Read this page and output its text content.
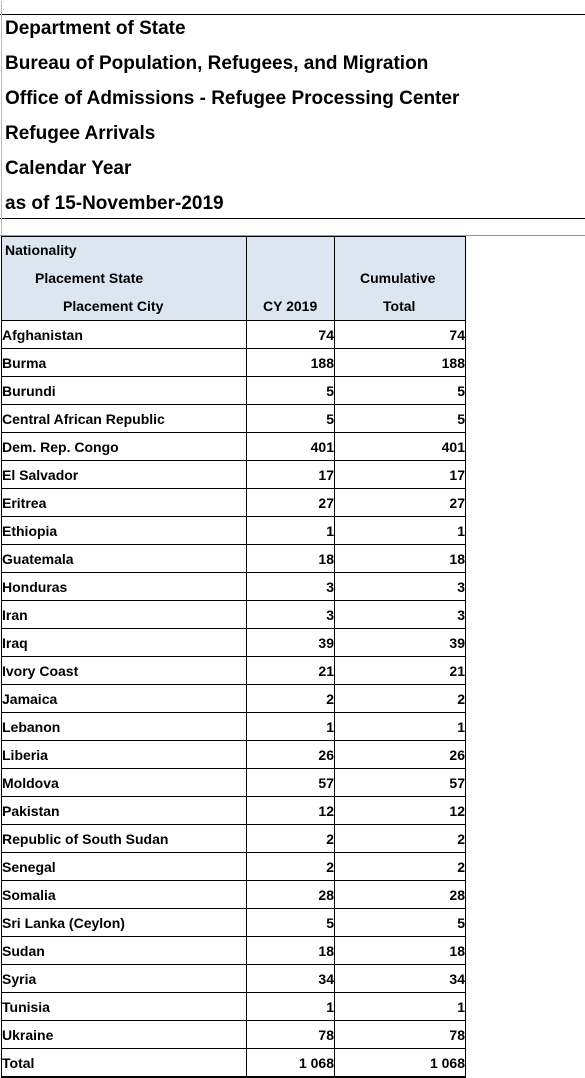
Department of State
Bureau of Population, Refugees, and Migration
Office of Admissions - Refugee Processing Center
Refugee Arrivals
Calendar Year
as of 15-November-2019
Nationality
Placement State
Placement City	CY 2019	Cumulative
Total

Afghanistan	74	74
Burma	188	188
Burundi	5	5
Central African Republic	5	5
Dem. Rep. Congo	401	401
El Salvador	17	17
Eritrea	27	27
Ethiopia	1	1
Guatemala	18	18
Honduras	3	3
Iran	3	3
Iraq	39	39
Ivory Coast	21	21
Jamaica	2	2
Lebanon	1	1
Liberia	26	26
Moldova	57	57
Pakistan	12	12
Republic of South Sudan	2	2
Senegal	2	2
Somalia	28	28
Sri Lanka (Ceylon)	5	5
Sudan	18	18
Syria	34	34
Tunisia	1	1
Ukraine	78	78
Total	1 068	1 068
